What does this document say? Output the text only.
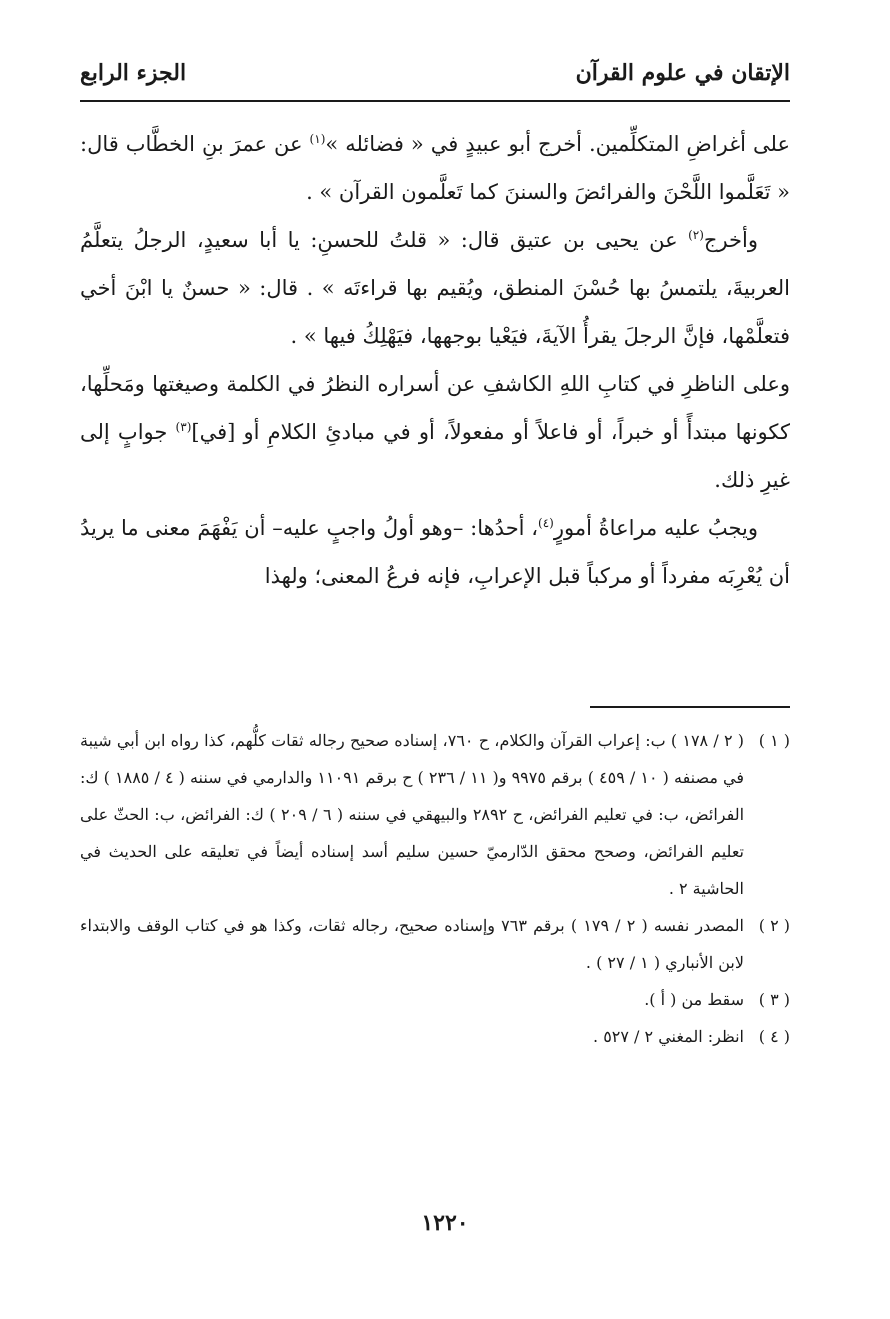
الإتقان في علوم القرآن
الجزء الرابع

على أغراضِ المتكلِّمين. أخرج أبو عبيدٍ في « فضائله »$^{(١)}$ عن عمرَ بنِ الخطَّاب قال: « تَعَلَّموا اللَّحْنَ والفرائضَ والسننَ كما تَعلَّمون القرآن » .

وأخرج$^{(٢)}$ عن يحيى بن عتيق قال: « قلتُ للحسنِ: يا أبا سعيدٍ، الرجلُ يتعلَّمُ العربيةَ، يلتمسُ بها حُسْنَ المنطق، ويُقيم بها قراءتَه » . قال: « حسنٌ يا ابْنَ أخي فتعلَّمْها، فإنَّ الرجلَ يقرأُ الآيةَ، فيَعْيا بوجهها، فيَهْلِكُ فيها » .

وعلى الناظرِ في كتابِ اللهِ الكاشفِ عن أسراره النظرُ في الكلمة وصيغتها ومَحلِّها، ككونها مبتدأً أو خبراً، أو فاعلاً أو مفعولاً، أو في مبادئِ الكلامِ أو [في]$^{(٣)}$ جوابٍ إلى غيرِ ذلك.

ويجبُ عليه مراعاةُ أمورٍ$^{(٤)}$، أحدُها: –وهو أولُ واجبٍ عليه– أن يَفْهَمَ معنى ما يريدُ أن يُعْرِبَه مفرداً أو مركباً قبل الإعرابِ، فإنه فرعُ المعنى؛ ولهذا

( ١ )
( ٢ / ١٧٨ ) ب: إعراب القرآن والكلام، ح ٧٦٠، إسناده صحيح رجاله ثقات كلُّهم، كذا رواه ابن أبي شيبة في مصنفه ( ١٠ / ٤٥٩ ) برقم ٩٩٧٥ و( ١١ / ٢٣٦ ) ح برقم ١١٠٩١ والدارمي في سننه ( ٤ / ١٨٨٥ ) ك: الفرائض، ب: في تعليم الفرائض، ح ٢٨٩٢ والبيهقي في سننه ( ٦ / ٢٠٩ ) ك: الفرائض، ب: الحثّ على تعليم الفرائض، وصحح محقق الدّارميّ حسين سليم أسد إسناده أيضاً في تعليقه على الحديث في الحاشية ٢ .
( ٢ )
المصدر نفسه ( ٢ / ١٧٩ ) برقم ٧٦٣ وإسناده صحيح، رجاله ثقات، وكذا هو في كتاب الوقف والابتداء لابن الأنباري ( ١ / ٢٧ ) .
( ٣ )
سقط من ( أ ).
( ٤ )
انظر: المغني ٢ / ٥٢٧ .
١٢٢٠
